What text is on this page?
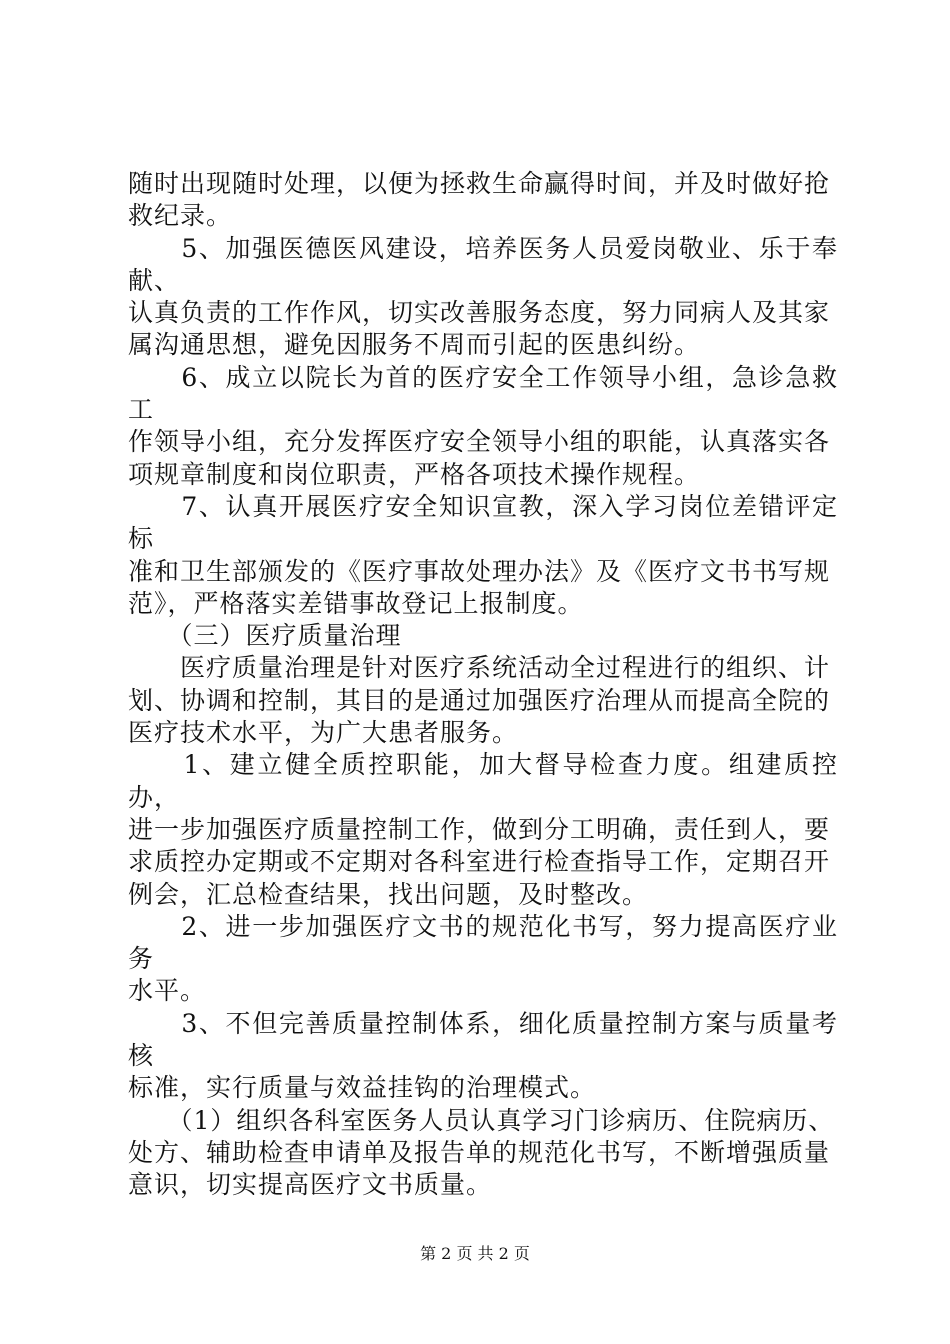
随时出现随时处理，以便为拯救生命赢得时间，并及时做好抢
救纪录。

　　5、加强医德医风建设，培养医务人员爱岗敬业、乐于奉献、
认真负责的工作作风，切实改善服务态度，努力同病人及其家
属沟通思想，避免因服务不周而引起的医患纠纷。

　　6、成立以院长为首的医疗安全工作领导小组，急诊急救工
作领导小组，充分发挥医疗安全领导小组的职能，认真落实各
项规章制度和岗位职责，严格各项技术操作规程。

　　7、认真开展医疗安全知识宣教，深入学习岗位差错评定标
准和卫生部颁发的《医疗事故处理办法》及《医疗文书书写规
范》，严格落实差错事故登记上报制度。

　　（三）医疗质量治理

　　医疗质量治理是针对医疗系统活动全过程进行的组织、计
划、协调和控制，其目的是通过加强医疗治理从而提高全院的
医疗技术水平，为广大患者服务。

　　1、建立健全质控职能，加大督导检查力度。组建质控办，
进一步加强医疗质量控制工作，做到分工明确，责任到人，要
求质控办定期或不定期对各科室进行检查指导工作，定期召开
例会，汇总检查结果，找出问题，及时整改。

　　2、进一步加强医疗文书的规范化书写，努力提高医疗业务
水平。

　　3、不但完善质量控制体系，细化质量控制方案与质量考核
标准，实行质量与效益挂钩的治理模式。

　　（1）组织各科室医务人员认真学习门诊病历、住院病历、
处方、辅助检查申请单及报告单的规范化书写，不断增强质量
意识，切实提高医疗文书质量。

第 2 页 共 2 页
